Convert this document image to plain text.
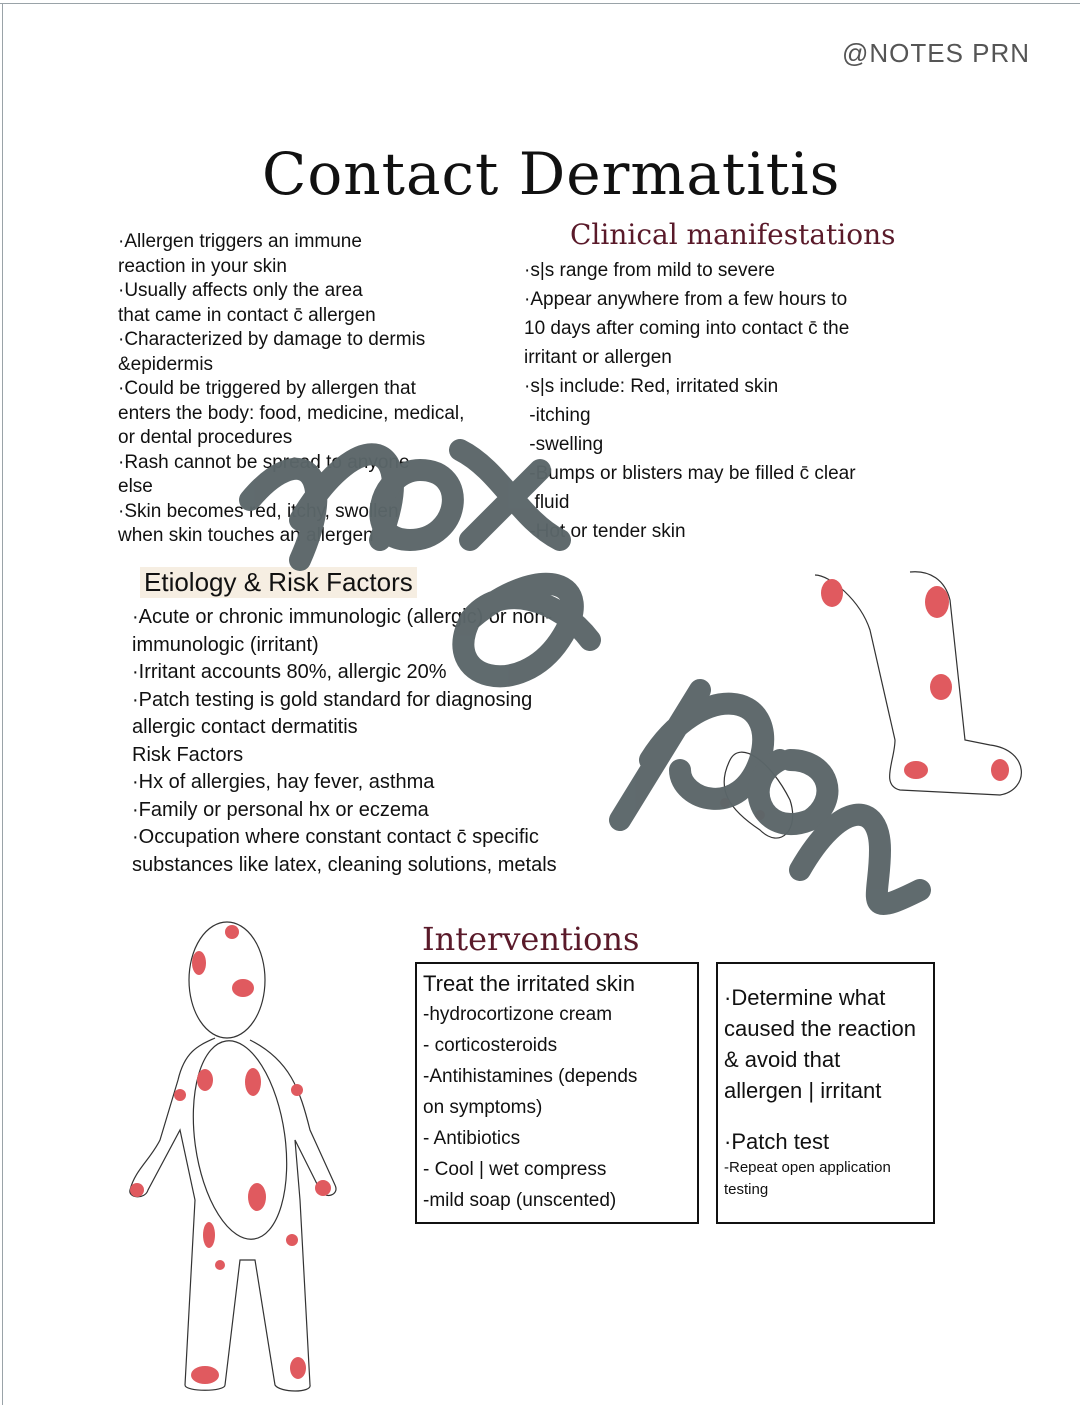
@NOTES PRN
Contact Dermatitis

·Allergen triggers an immune

reaction in your skin

·Usually affects only the area

that came in contact c̄ allergen

·Characterized by damage to dermis

&epidermis

·Could be triggered by allergen that

enters the body: food, medicine, medical,

or dental procedures

·Rash cannot be spread to anyone

else

·Skin becomes red, itchy, swollen

when skin touches an allergen

Clinical manifestations

·s|s range from mild to severe

·Appear anywhere from a few hours to

10 days after coming into contact c̄ the

irritant or allergen

·s|s include: Red, irritated skin

-itching

-swelling

-Bumps or blisters may be filled c̄ clear

fluid

-Hot or tender skin

Etiology & Risk Factors

·Acute or chronic immunologic (allergic) or non-

immunologic (irritant)

·Irritant accounts 80%, allergic 20%

·Patch testing is gold standard for diagnosing

allergic contact dermatitis

Risk Factors

·Hx of allergies, hay fever, asthma

·Family or personal hx or eczema

·Occupation where constant contact c̄ specific

substances like latex, cleaning solutions, metals

Interventions

Treat the irritated skin

-hydrocortizone cream

- corticosteroids

-Antihistamines (depends

on symptoms)

- Antibiotics

- Cool | wet compress

-mild soap (unscented)

·Determine what

caused the reaction

& avoid that

allergen | irritant

·Patch test

-Repeat open application

testing
